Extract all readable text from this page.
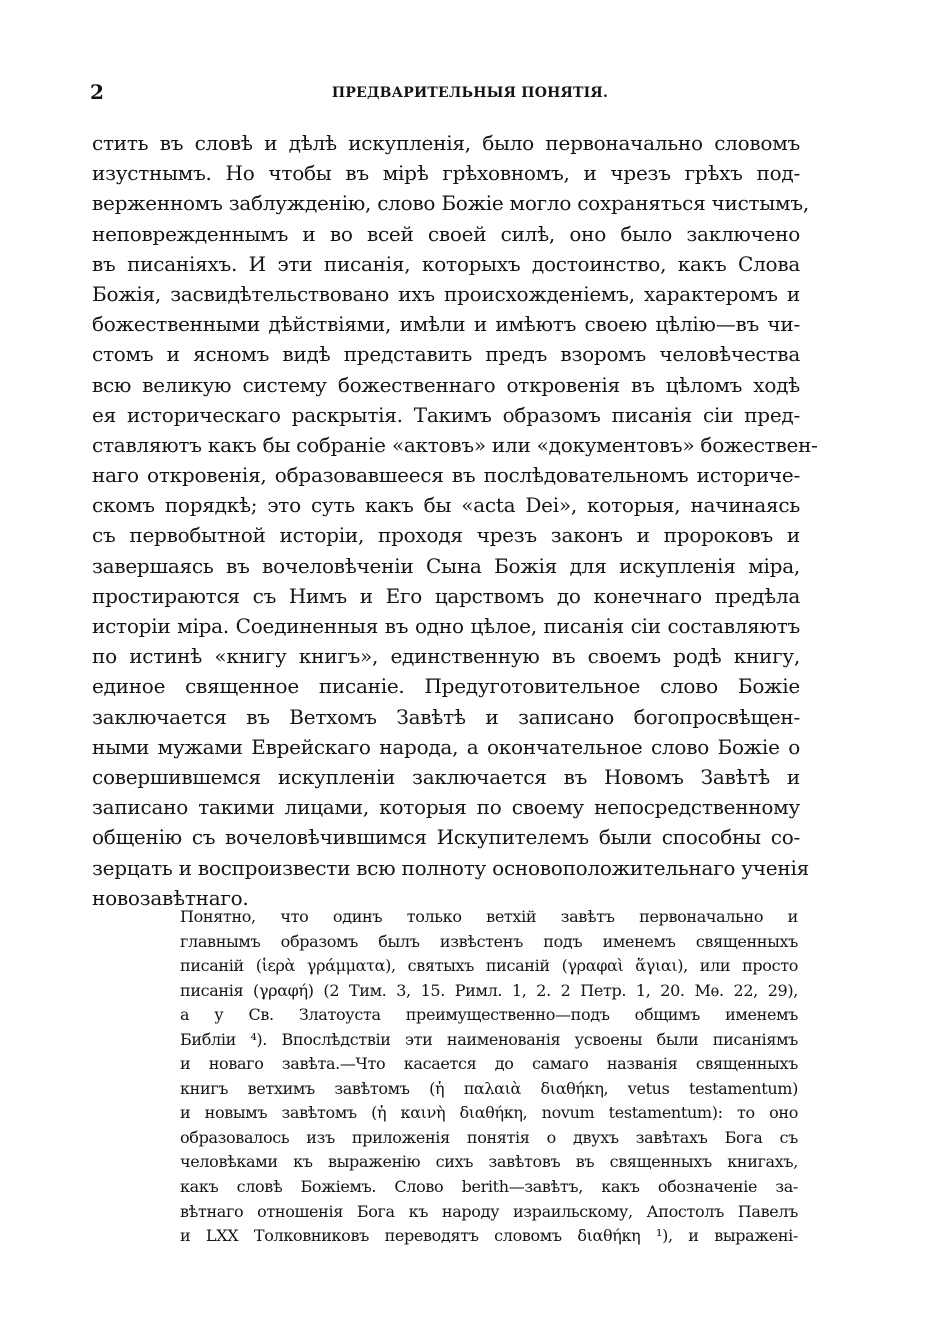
2	ПРЕДВАРИТЕЛЬНЫЯ ПОНЯТІЯ.
стить въ словѣ и дѣлѣ искупленія, было первоначально словомъ
изустнымъ. Но чтобы въ мірѣ грѣховномъ, и чрезъ грѣхъ под-
верженномъ заблужденію, слово Божіе могло сохраняться чистымъ,
неповрежденнымъ и во всей своей силѣ, оно было заключено
въ писаніяхъ. И эти писанія, которыхъ достоинство, какъ Слова
Божія, засвидѣтельствовано ихъ происхожденіемъ, характеромъ и
божественными дѣйствіями, имѣли и имѣютъ своею цѣлію—въ чи-
стомъ и ясномъ видѣ представить предъ взоромъ человѣчества
всю великую систему божественнаго откровенія въ цѣломъ ходѣ
ея историческаго раскрытія. Такимъ образомъ писанія сіи пред-
ставляютъ какъ бы собраніе «актовъ» или «документовъ» божествен-
наго откровенія, образовавшееся въ послѣдовательномъ историче-
скомъ порядкѣ; это суть какъ бы «acta Dei», которыя, начинаясь
съ первобытной исторіи, проходя чрезъ законъ и пророковъ и
завершаясь въ вочеловѣченіи Сына Божія для искупленія міра,
простираются съ Нимъ и Его царствомъ до конечнаго предѣла
исторіи міра. Соединенныя въ одно цѣлое, писанія сіи составляютъ
по истинѣ «книгу книгъ», единственную въ своемъ родѣ книгу,
единое священное писаніе. Предуготовительное слово Божіе
заключается въ Ветхомъ Завѣтѣ и записано богопросвѣщен-
ными мужами Еврейскаго народа, а окончательное слово Божіе о
совершившемся искупленіи заключается въ Новомъ Завѣтѣ и
записано такими лицами, которыя по своему непосредственному
общенію съ вочеловѣчившимся Искупителемъ были способны со-
зерцать и воспроизвести всю полноту основоположительнаго ученія
новозавѣтнаго.
Понятно, что одинъ только ветхій завѣтъ первоначально и
главнымъ образомъ былъ извѣстенъ подъ именемъ священныхъ
писаній (ἱερὰ γράμματα), святыхъ писаній (γραφαὶ ἅγιαι), или просто
писанія (γραφή) (2 Тим. 3, 15. Римл. 1, 2. 2 Петр. 1, 20. Мѳ. 22, 29),
а у Св. Златоуста преимущественно—подъ общимъ именемъ
Библіи ⁴). Впослѣдствіи эти наименованія усвоены были писаніямъ
и новаго завѣта.—Что касается до самаго названія священныхъ
книгъ ветхимъ завѣтомъ (ἡ παλαιὰ διαθήκη, vetus testamentum)
и новымъ завѣтомъ (ἡ καινὴ διαθήκη, novum testamentum): то оно
образовалось изъ приложенія понятія о двухъ завѣтахъ Бога съ
человѣками къ выраженію сихъ завѣтовъ въ священныхъ книгахъ,
какъ словѣ Божіемъ. Слово berith—завѣтъ, какъ обозначеніе за-
вѣтнаго отношенія Бога къ народу израильскому, Апостолъ Павелъ
и LXX Толковниковъ переводятъ словомъ διαθήκη ¹), и выраженi-
